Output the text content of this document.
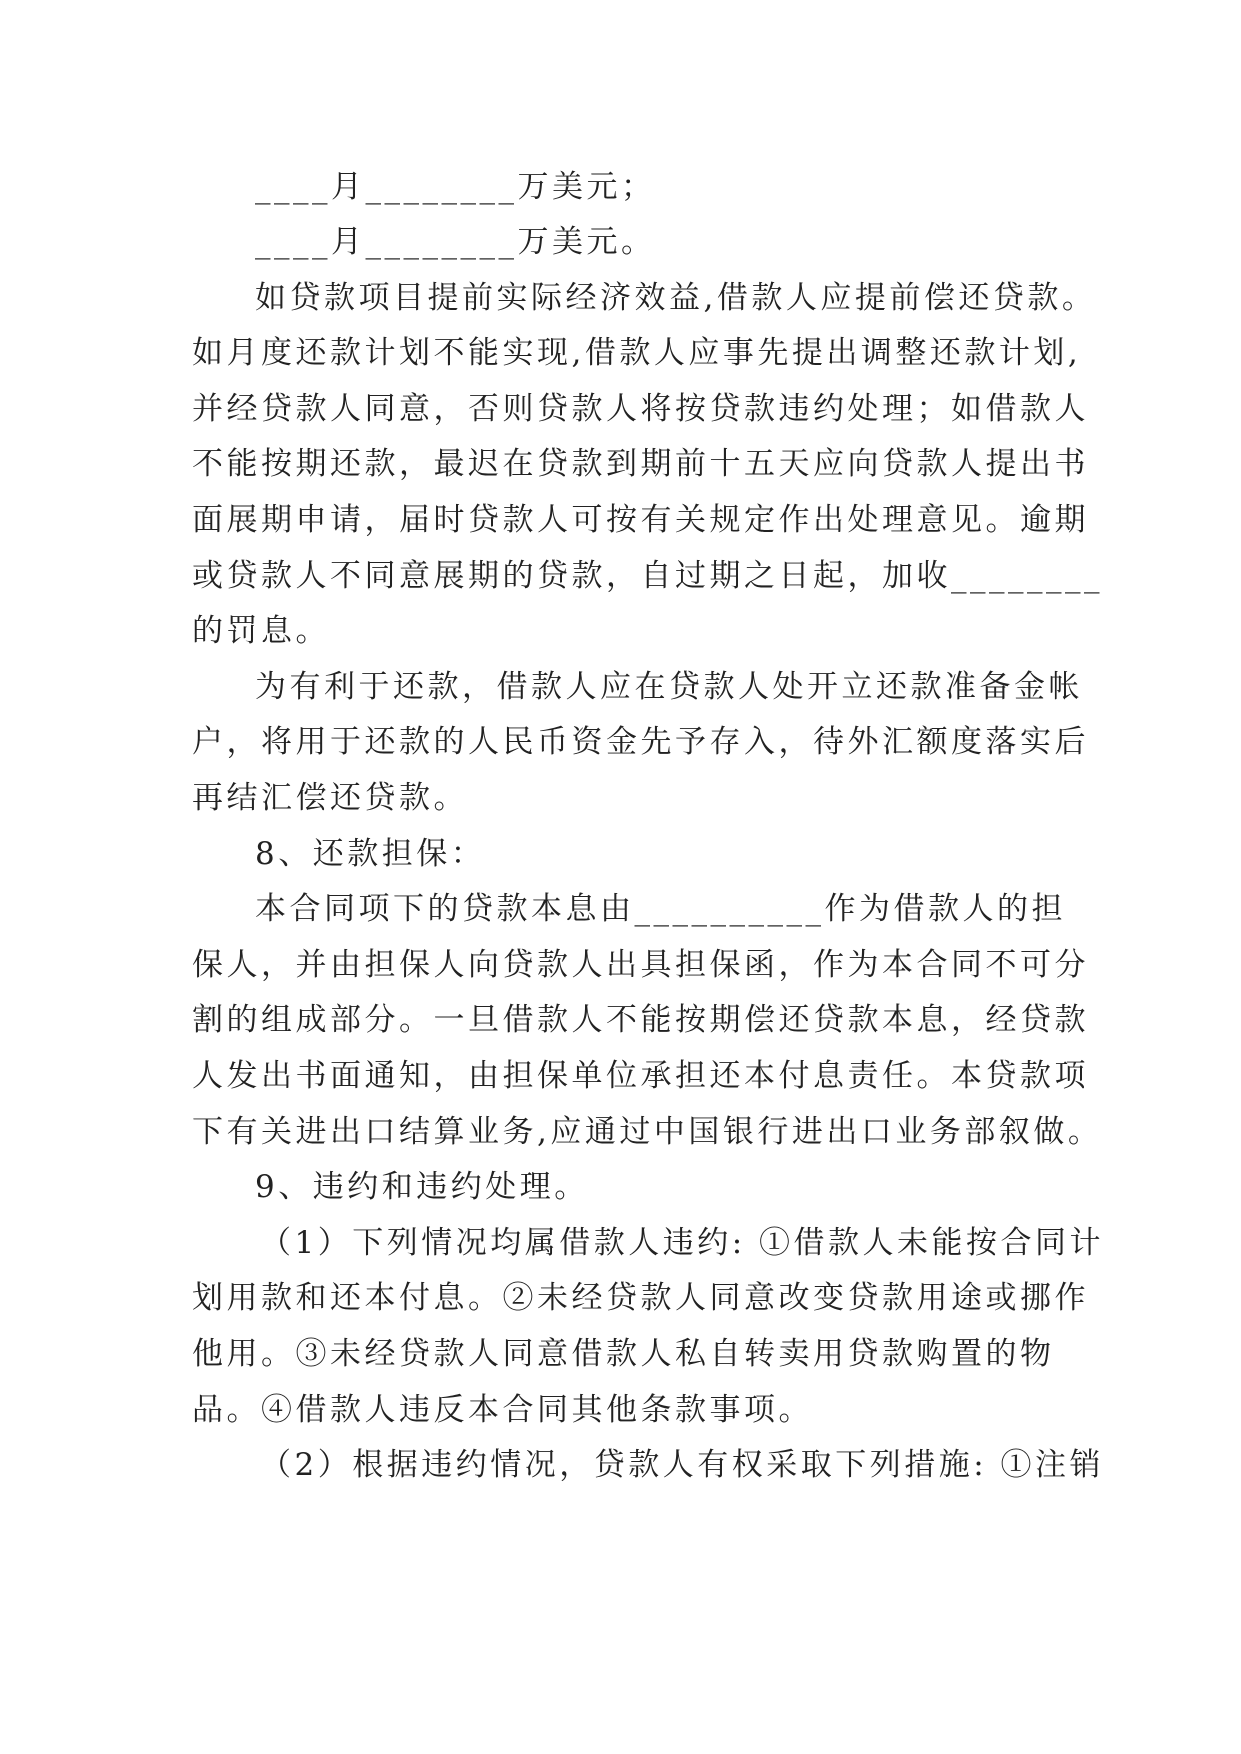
____月________万美元；
____月________万美元。
如贷款项目提前实际经济效益,借款人应提前偿还贷款。
如月度还款计划不能实现,借款人应事先提出调整还款计划,
并经贷款人同意，否则贷款人将按贷款违约处理；如借款人
不能按期还款，最迟在贷款到期前十五天应向贷款人提出书
面展期申请，届时贷款人可按有关规定作出处理意见。逾期
或贷款人不同意展期的贷款，自过期之日起，加收________
的罚息。
为有利于还款，借款人应在贷款人处开立还款准备金帐
户，将用于还款的人民币资金先予存入，待外汇额度落实后
再结汇偿还贷款。
8、还款担保：
本合同项下的贷款本息由__________作为借款人的担
保人，并由担保人向贷款人出具担保函，作为本合同不可分
割的组成部分。一旦借款人不能按期偿还贷款本息，经贷款
人发出书面通知，由担保单位承担还本付息责任。本贷款项
下有关进出口结算业务,应通过中国银行进出口业务部叙做。
9、违约和违约处理。
（1）下列情况均属借款人违约: ①借款人未能按合同计
划用款和还本付息。②未经贷款人同意改变贷款用途或挪作
他用。③未经贷款人同意借款人私自转卖用贷款购置的物
品。④借款人违反本合同其他条款事项。
（2）根据违约情况，贷款人有权采取下列措施: ①注销
